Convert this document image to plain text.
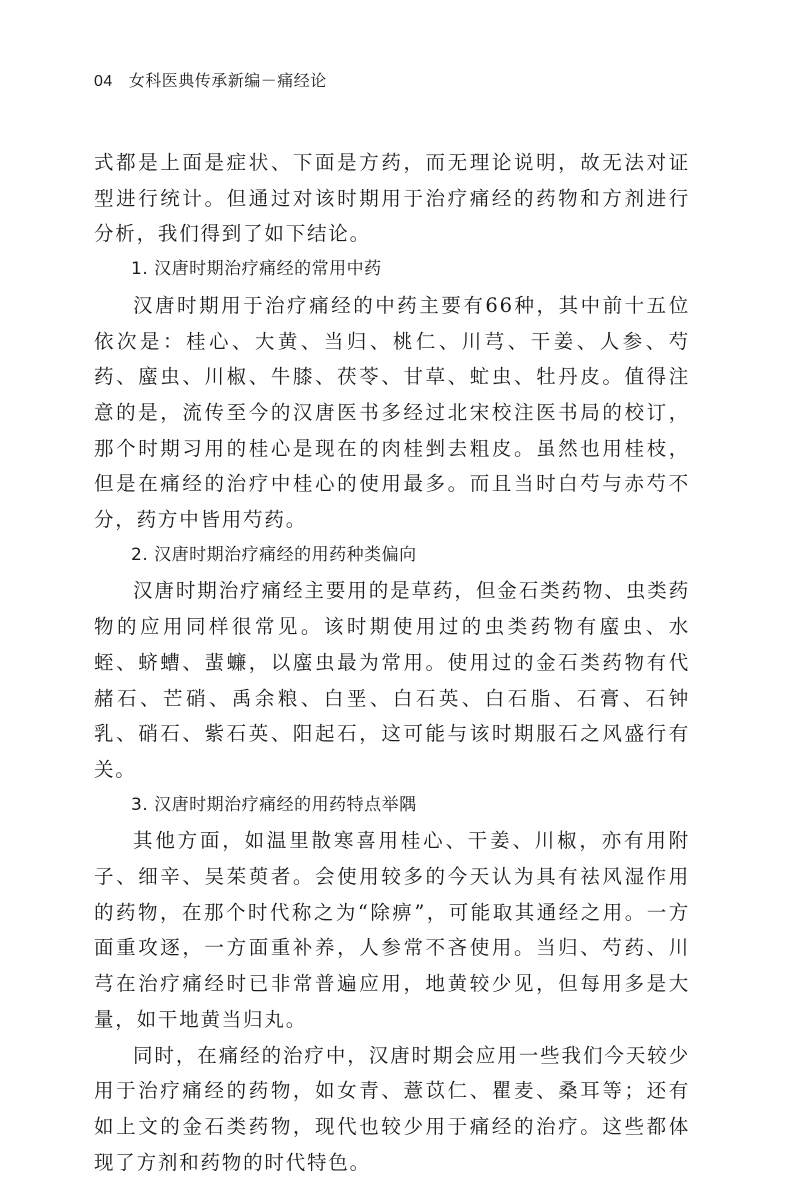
04 女科医典传承新编－痛经论

式都是上面是症状、下面是方药，而无理论说明，故无法对证型进行统计。但通过对该时期用于治疗痛经的药物和方剂进行分析，我们得到了如下结论。

1. 汉唐时期治疗痛经的常用中药

汉唐时期用于治疗痛经的中药主要有66种，其中前十五位依次是：桂心、大黄、当归、桃仁、川芎、干姜、人参、芍药、䗪虫、川椒、牛膝、茯苓、甘草、虻虫、牡丹皮。值得注意的是，流传至今的汉唐医书多经过北宋校注医书局的校订，那个时期习用的桂心是现在的肉桂剉去粗皮。虽然也用桂枝，但是在痛经的治疗中桂心的使用最多。而且当时白芍与赤芍不分，药方中皆用芍药。

2. 汉唐时期治疗痛经的用药种类偏向

汉唐时期治疗痛经主要用的是草药，但金石类药物、虫类药物的应用同样很常见。该时期使用过的虫类药物有䗪虫、水蛭、蛴螬、蜚蠊，以䗪虫最为常用。使用过的金石类药物有代赭石、芒硝、禹余粮、白垩、白石英、白石脂、石膏、石钟乳、硝石、紫石英、阳起石，这可能与该时期服石之风盛行有关。

3. 汉唐时期治疗痛经的用药特点举隅

其他方面，如温里散寒喜用桂心、干姜、川椒，亦有用附子、细辛、吴茱萸者。会使用较多的今天认为具有祛风湿作用的药物，在那个时代称之为“除痹”，可能取其通经之用。一方面重攻逐，一方面重补养，人参常不吝使用。当归、芍药、川芎在治疗痛经时已非常普遍应用，地黄较少见，但每用多是大量，如干地黄当归丸。

同时，在痛经的治疗中，汉唐时期会应用一些我们今天较少用于治疗痛经的药物，如女青、薏苡仁、瞿麦、桑耳等；还有如上文的金石类药物，现代也较少用于痛经的治疗。这些都体现了方剂和药物的时代特色。
